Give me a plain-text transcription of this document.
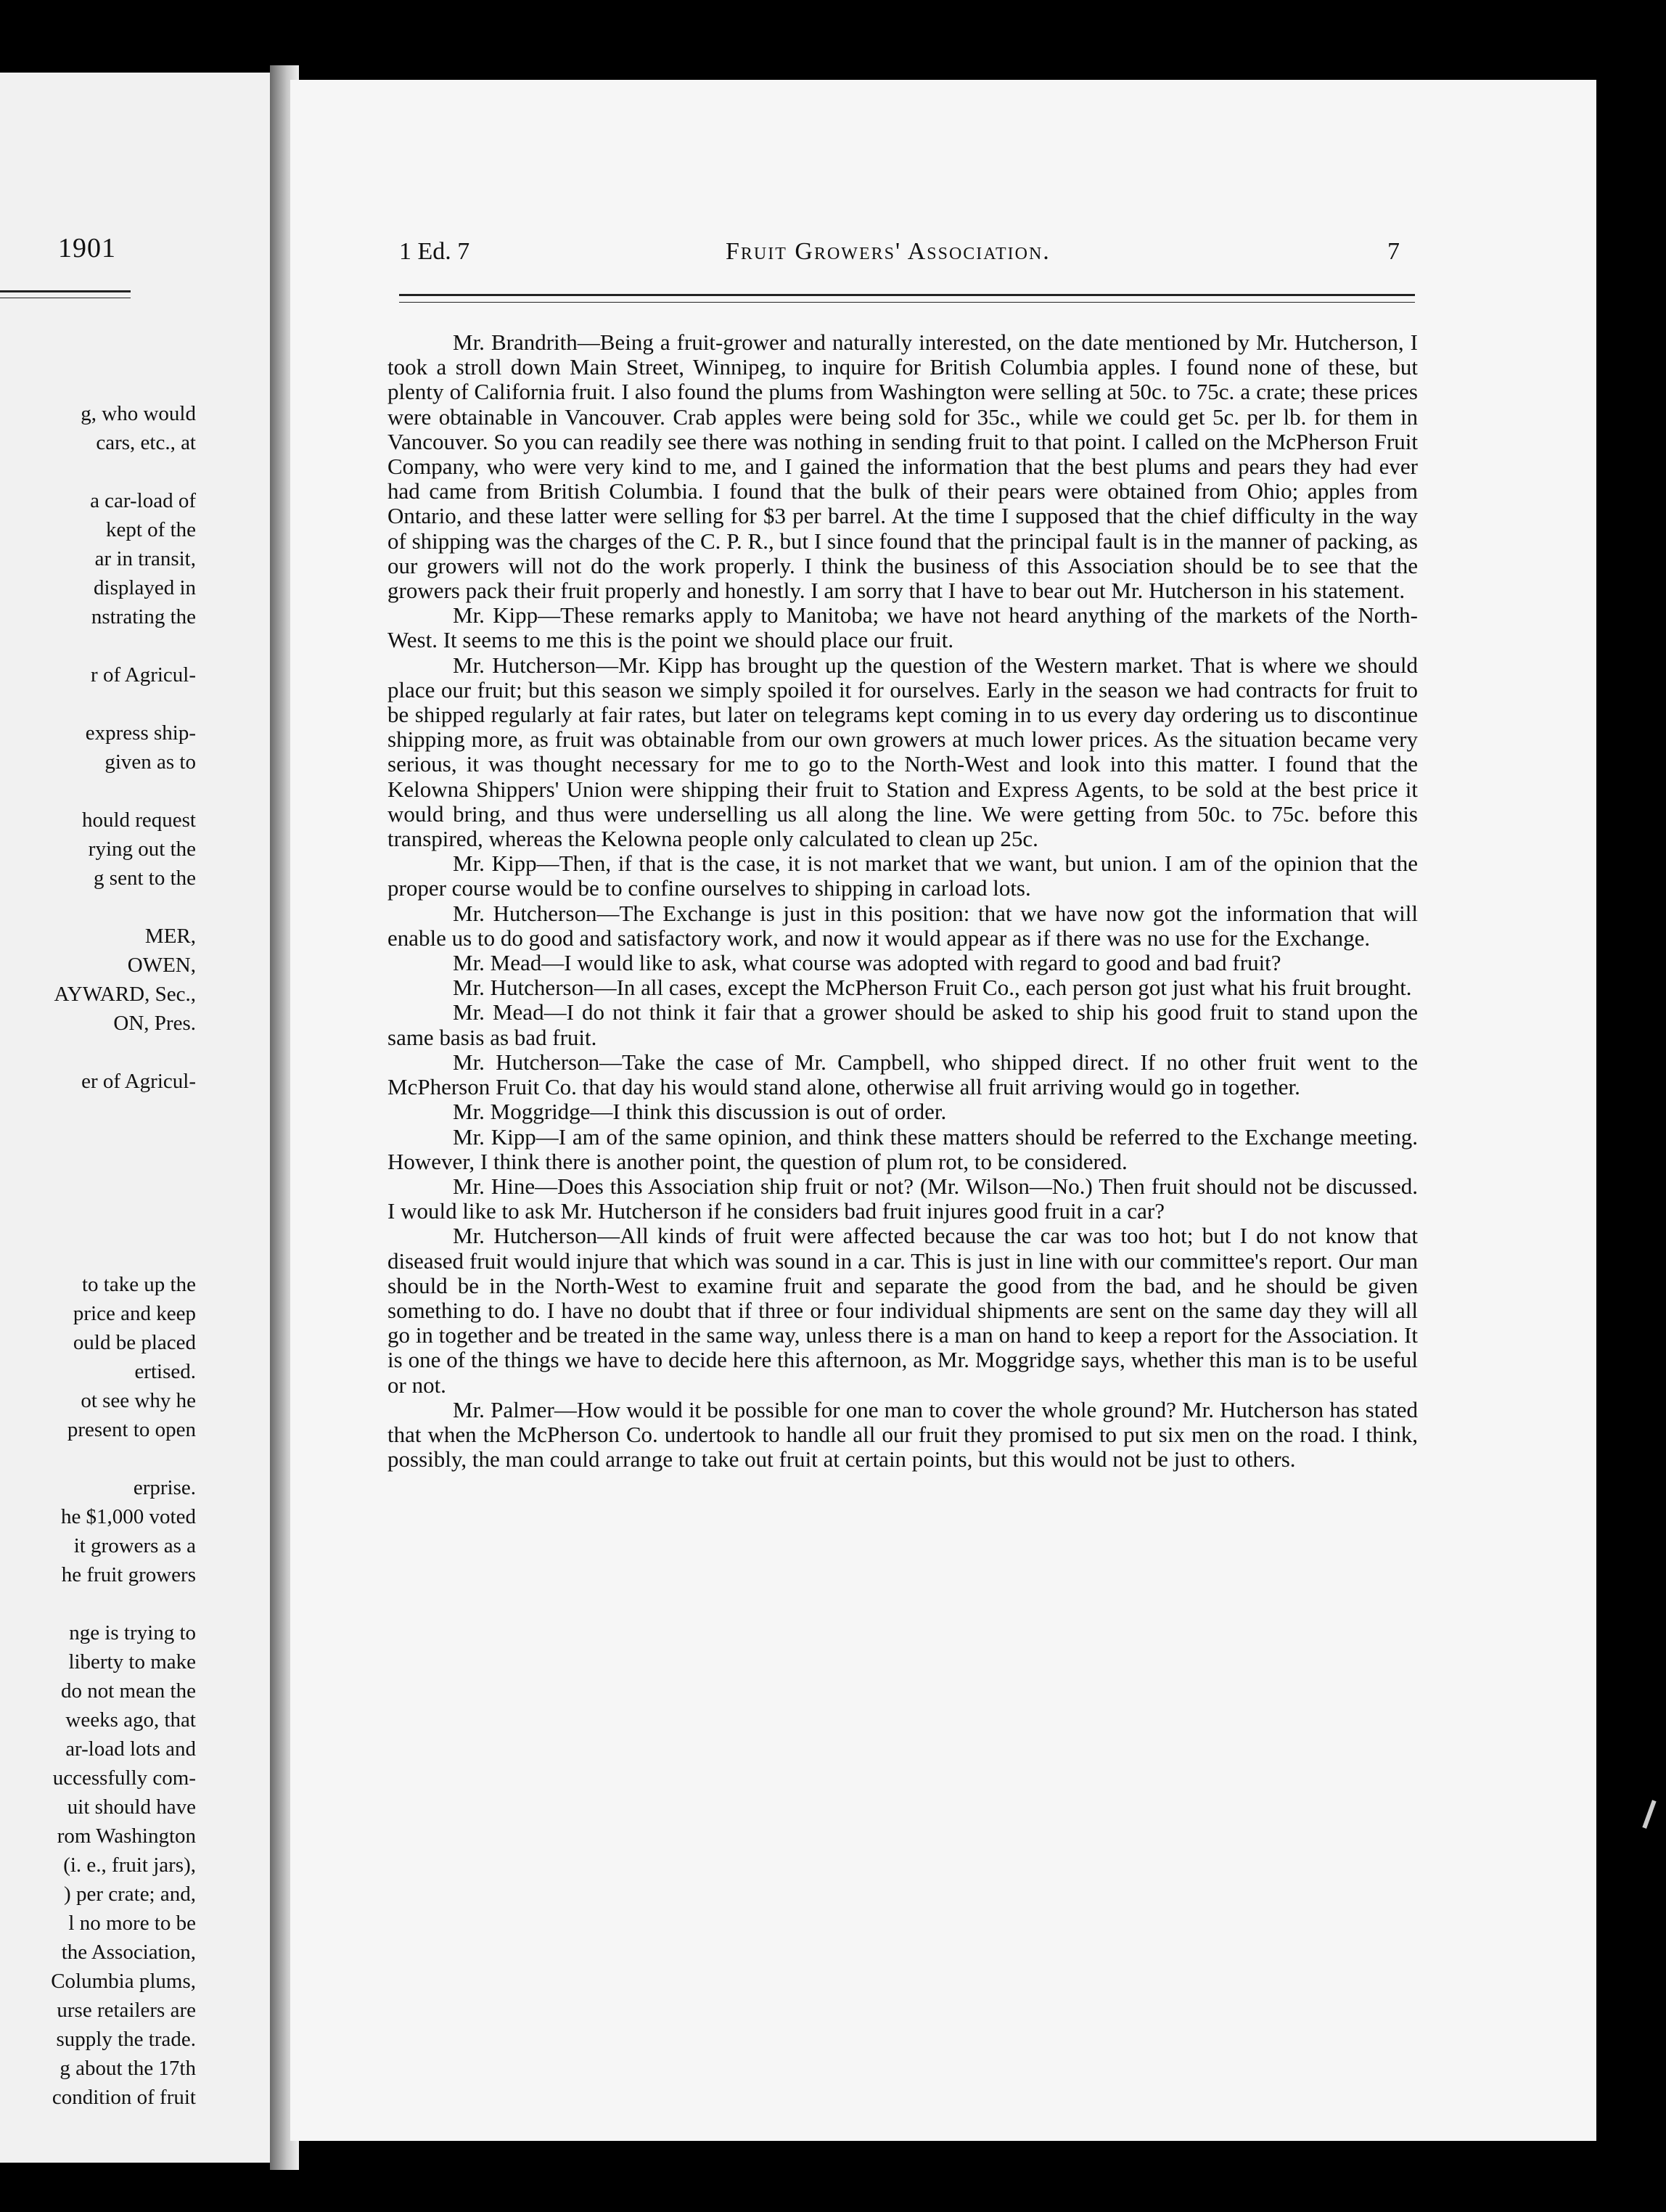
1901
g, who would
cars, etc., at
a car-load of
kept of the
ar in transit,
displayed in
nstrating the
r of Agricul-
express ship-
given as to
hould request
rying out the
g sent to the
MER,
OWEN,
AYWARD, Sec.,
ON, Pres.
er of Agricul-
to take up the
price and keep
ould be placed
ertised.
ot see why he
present to open
erprise.
he $1,000 voted
it growers as a
he fruit growers
nge is trying to
liberty to make
do not mean the
weeks ago, that
ar-load lots and
uccessfully com-
uit should have
rom Washington
(i. e., fruit jars),
) per crate; and,
l no more to be
the Association,
Columbia plums,
urse retailers are
supply the trade.
g about the 17th
condition of fruit
1 Ed. 7	Fruit Growers' Association.	7

Mr. Brandrith—Being a fruit-grower and naturally interested, on the date mentioned by Mr. Hutcherson, I took a stroll down Main Street, Winnipeg, to inquire for British Columbia apples. I found none of these, but plenty of California fruit. I also found the plums from Washington were selling at 50c. to 75c. a crate; these prices were obtainable in Vancouver. Crab apples were being sold for 35c., while we could get 5c. per lb. for them in Vancouver. So you can readily see there was nothing in sending fruit to that point. I called on the McPherson Fruit Company, who were very kind to me, and I gained the information that the best plums and pears they had ever had came from British Columbia. I found that the bulk of their pears were obtained from Ohio; apples from Ontario, and these latter were selling for $3 per barrel. At the time I supposed that the chief difficulty in the way of shipping was the charges of the C. P. R., but I since found that the principal fault is in the manner of packing, as our growers will not do the work properly. I think the business of this Association should be to see that the growers pack their fruit properly and honestly. I am sorry that I have to bear out Mr. Hutcherson in his statement.

Mr. Kipp—These remarks apply to Manitoba; we have not heard anything of the markets of the North-West. It seems to me this is the point we should place our fruit.

Mr. Hutcherson—Mr. Kipp has brought up the question of the Western market. That is where we should place our fruit; but this season we simply spoiled it for ourselves. Early in the season we had contracts for fruit to be shipped regularly at fair rates, but later on telegrams kept coming in to us every day ordering us to discontinue shipping more, as fruit was obtainable from our own growers at much lower prices. As the situation became very serious, it was thought necessary for me to go to the North-West and look into this matter. I found that the Kelowna Shippers' Union were shipping their fruit to Station and Express Agents, to be sold at the best price it would bring, and thus were underselling us all along the line. We were getting from 50c. to 75c. before this transpired, whereas the Kelowna people only calculated to clean up 25c.

Mr. Kipp—Then, if that is the case, it is not market that we want, but union. I am of the opinion that the proper course would be to confine ourselves to shipping in carload lots.

Mr. Hutcherson—The Exchange is just in this position: that we have now got the information that will enable us to do good and satisfactory work, and now it would appear as if there was no use for the Exchange.

Mr. Mead—I would like to ask, what course was adopted with regard to good and bad fruit?

Mr. Hutcherson—In all cases, except the McPherson Fruit Co., each person got just what his fruit brought.

Mr. Mead—I do not think it fair that a grower should be asked to ship his good fruit to stand upon the same basis as bad fruit.

Mr. Hutcherson—Take the case of Mr. Campbell, who shipped direct. If no other fruit went to the McPherson Fruit Co. that day his would stand alone, otherwise all fruit arriving would go in together.

Mr. Moggridge—I think this discussion is out of order.

Mr. Kipp—I am of the same opinion, and think these matters should be referred to the Exchange meeting. However, I think there is another point, the question of plum rot, to be considered.

Mr. Hine—Does this Association ship fruit or not? (Mr. Wilson—No.) Then fruit should not be discussed. I would like to ask Mr. Hutcherson if he considers bad fruit injures good fruit in a car?

Mr. Hutcherson—All kinds of fruit were affected because the car was too hot; but I do not know that diseased fruit would injure that which was sound in a car. This is just in line with our committee's report. Our man should be in the North-West to examine fruit and separate the good from the bad, and he should be given something to do. I have no doubt that if three or four individual shipments are sent on the same day they will all go in together and be treated in the same way, unless there is a man on hand to keep a report for the Association. It is one of the things we have to decide here this afternoon, as Mr. Moggridge says, whether this man is to be useful or not.

Mr. Palmer—How would it be possible for one man to cover the whole ground? Mr. Hutcherson has stated that when the McPherson Co. undertook to handle all our fruit they promised to put six men on the road. I think, possibly, the man could arrange to take out fruit at certain points, but this would not be just to others.
